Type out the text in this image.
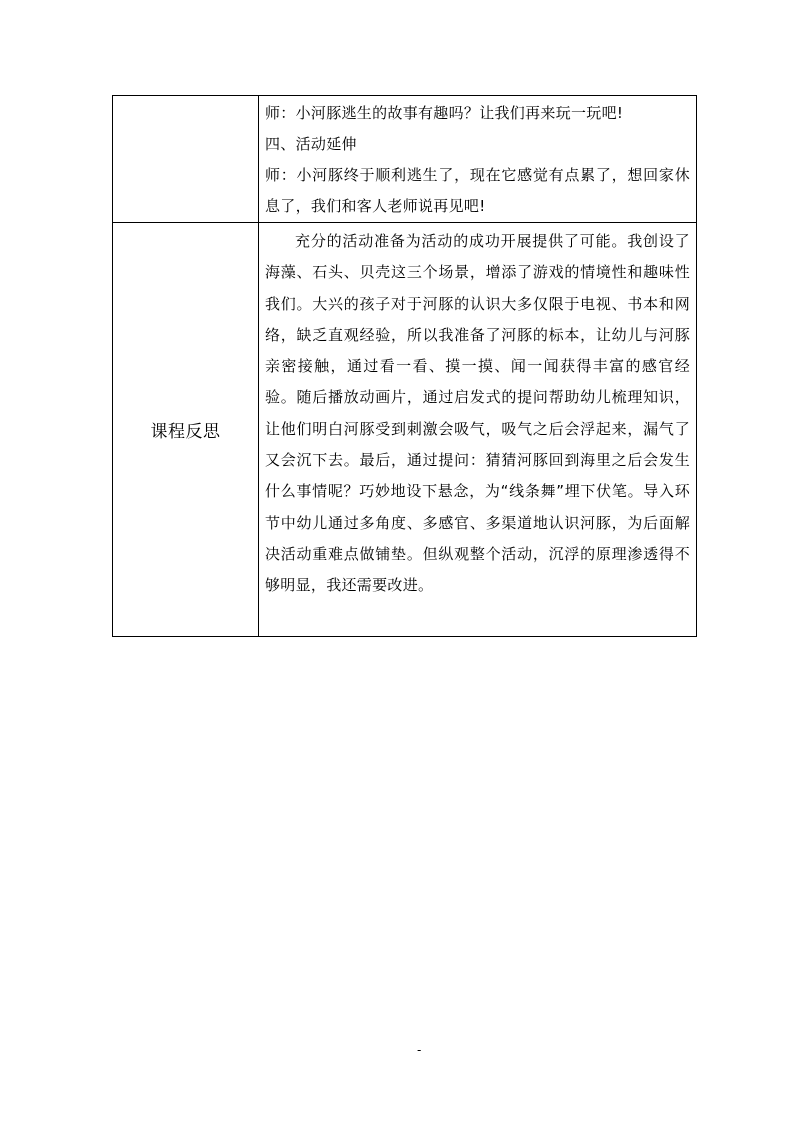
	师：小河豚逃生的故事有趣吗？让我们再来玩一玩吧!

四、活动延伸

师：小河豚终于顺利逃生了，现在它感觉有点累了，想回家休息了，我们和客人老师说再见吧!

课程反思	充分的活动准备为活动的成功开展提供了可能。我创设了海藻、石头、贝壳这三个场景，增添了游戏的情境性和趣味性我们。大兴的孩子对于河豚的认识大多仅限于电视、书本和网络，缺乏直观经验，所以我准备了河豚的标本，让幼儿与河豚亲密接触，通过看一看、摸一摸、闻一闻获得丰富的感官经验。随后播放动画片，通过启发式的提问帮助幼儿梳理知识，让他们明白河豚受到刺激会吸气，吸气之后会浮起来，漏气了又会沉下去。最后，通过提问：猜猜河豚回到海里之后会发生什么事情呢？巧妙地设下悬念，为“线条舞”埋下伏笔。导入环节中幼儿通过多角度、多感官、多渠道地认识河豚，为后面解决活动重难点做铺垫。但纵观整个活动，沉浮的原理渗透得不够明显，我还需要改进。

-
